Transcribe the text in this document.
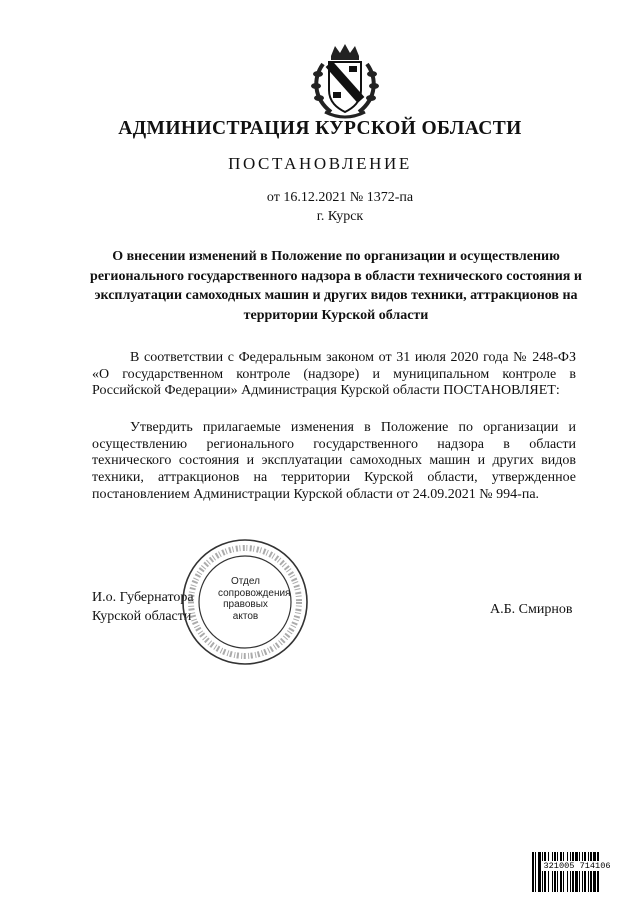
АДМИНИСТРАЦИЯ КУРСКОЙ ОБЛАСТИ
ПОСТАНОВЛЕНИЕ
от 16.12.2021 № 1372-па
г. Курск
О внесении изменений в Положение по организации и осуществлению регионального государственного надзора в области технического состояния и эксплуатации самоходных машин и других видов техники, аттракционов на территории Курской области

В соответствии с Федеральным законом от 31 июля 2020 года № 248-ФЗ «О государственном контроле (надзоре) и муниципальном контроле в Российской Федерации» Администрация Курской области ПОСТАНОВЛЯЕТ:

Утвердить прилагаемые изменения в Положение по организации и осуществлению регионального государственного надзора в области технического состояния и эксплуатации самоходных машин и других видов техники, аттракционов на территории Курской области, утвержденное постановлением Администрации Курской области от 24.09.2021 № 994-па.

И.о. Губернатора
Курской области	А.Б. Смирнов
Отдел
сопровождения
правовых
актов
321005 714106
